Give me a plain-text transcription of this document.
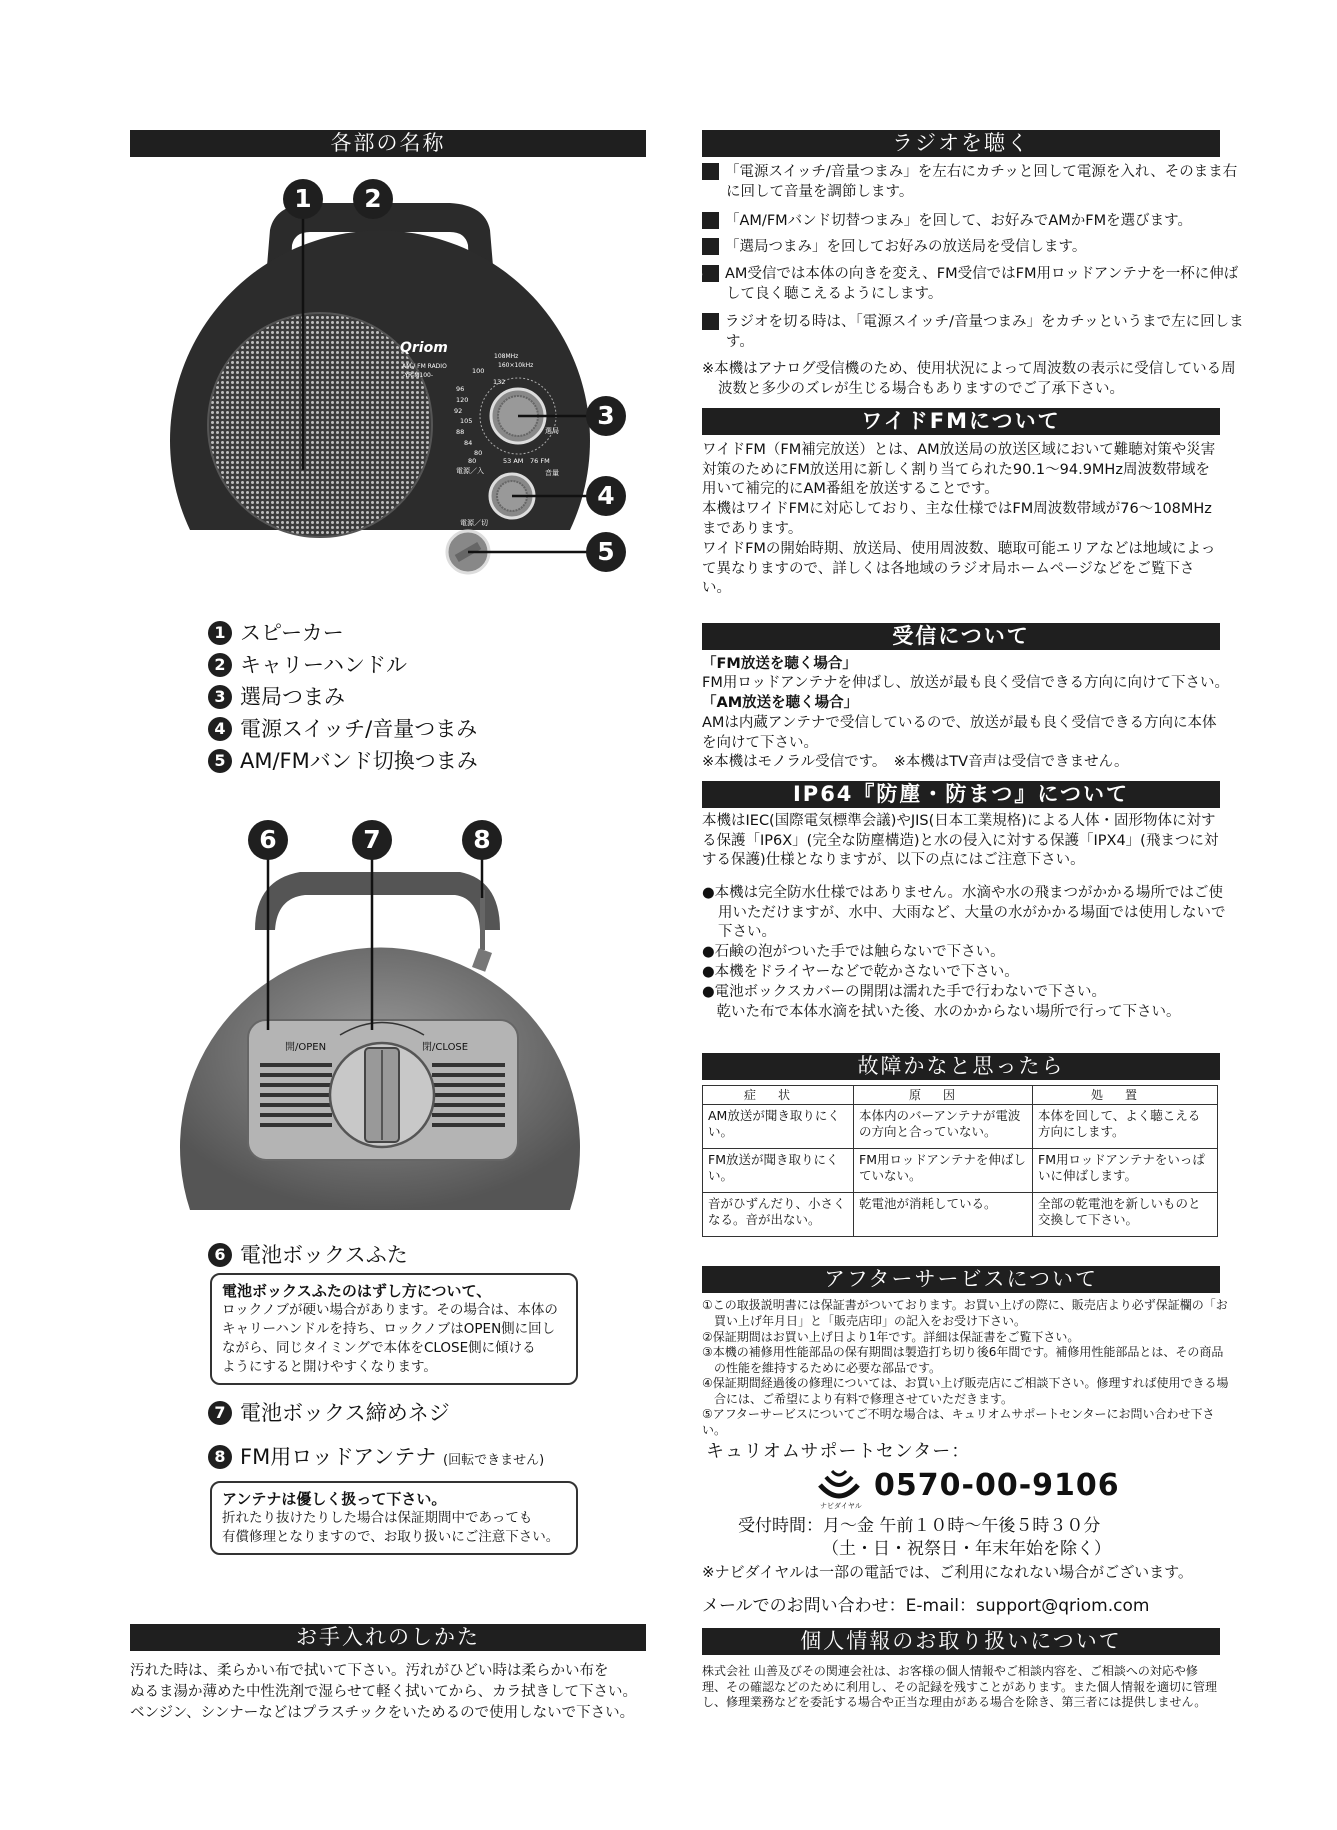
各部の名称
Qriom
AM / FM RADIO
-YR-M100-
108MHz
160×10kHz
100
132
96
120
92
105
88
84
80
80	53 AM 76 FM
選局
電源／入	音量
電源／切
AM・
FM・
バンド切換
1	2
3
4
5
1 スピーカー
2 キャリーハンドル
3 選局つまみ
4 電源スイッチ/音量つまみ
5 AM/FMバンド切換つまみ
開/OPEN	閉/CLOSE
6	7	8
6 電池ボックスふた
電池ボックスふたのはずし方について、
ロックノブが硬い場合があります。その場合は、本体の
キャリーハンドルを持ち、ロックノブはOPEN側に回し
ながら、同じタイミングで本体をCLOSE側に傾ける
ようにすると開けやすくなります。
7 電池ボックス締めネジ
8 FM用ロッドアンテナ (回転できません)
アンテナは優しく扱って下さい。
折れたり抜けたりした場合は保証期間中であっても
有償修理となりますので、お取り扱いにご注意下さい。
お手入れのしかた
汚れた時は、柔らかい布で拭いて下さい。汚れがひどい時は柔らかい布を
ぬるま湯か薄めた中性洗剤で湿らせて軽く拭いてから、カラ拭きして下さい。
ベンジン、シンナーなどはプラスチックをいためるので使用しないで下さい。
ラジオを聴く
1 「電源スイッチ/音量つまみ」を左右にカチッと回して電源を入れ、そのまま右に回して音量を調節します。
2 「AM/FMバンド切替つまみ」を回して、お好みでAMかFMを選びます。
3 「選局つまみ」を回してお好みの放送局を受信します。
4 AM受信では本体の向きを変え、FM受信ではFM用ロッドアンテナを一杯に伸ばして良く聴こえるようにします。
5 ラジオを切る時は、「電源スイッチ/音量つまみ」をカチッというまで左に回します。
※本機はアナログ受信機のため、使用状況によって周波数の表示に受信している周波数と多少のズレが生じる場合もありますのでご了承下さい。
ワイドFMについて
ワイドFM（FM補完放送）とは、AM放送局の放送区域において難聴対策や災害対策のためにFM放送用に新しく割り当てられた90.1〜94.9MHz周波数帯域を用いて補完的にAM番組を放送することです。
本機はワイドFMに対応しており、主な仕様ではFM周波数帯域が76〜108MHzまであります。
ワイドFMの開始時期、放送局、使用周波数、聴取可能エリアなどは地域によって異なりますので、詳しくは各地域のラジオ局ホームページなどをご覧下さい。
受信について
「FM放送を聴く場合」
FM用ロッドアンテナを伸ばし、放送が最も良く受信できる方向に向けて下さい。
「AM放送を聴く場合」
AMは内蔵アンテナで受信しているので、放送が最も良く受信できる方向に本体を向けて下さい。
※本機はモノラル受信です。　※本機はTV音声は受信できません。
IP64『防塵・防まつ』について
本機はIEC(国際電気標準会議)やJIS(日本工業規格)による人体・固形物体に対する保護「IP6X」(完全な防塵構造)と水の侵入に対する保護「IPX4」(飛まつに対する保護)仕様となりますが、以下の点にはご注意下さい。
●本機は完全防水仕様ではありません。水滴や水の飛まつがかかる場所ではご使用いただけますが、水中、大雨など、大量の水がかかる場面では使用しないで下さい。
●石鹸の泡がついた手では触らないで下さい。
●本機をドライヤーなどで乾かさないで下さい。
●電池ボックスカバーの開閉は濡れた手で行わないで下さい。
　乾いた布で本体水滴を拭いた後、水のかからない場所で行って下さい。
故障かなと思ったら
症状	原因	処置
AM放送が聞き取りにくい。	本体内のバーアンテナが電波の方向と合っていない。	本体を回して、よく聴こえる方向にします。
FM放送が聞き取りにくい。	FM用ロッドアンテナを伸ばしていない。	FM用ロッドアンテナをいっぱいに伸ばします。
音がひずんだり、小さくなる。音が出ない。	乾電池が消耗している。	全部の乾電池を新しいものと交換して下さい。
アフターサービスについて
①この取扱説明書には保証書がついております。お買い上げの際に、販売店より必ず保証欄の「お買い上げ年月日」と「販売店印」の記入をお受け下さい。
②保証期間はお買い上げ日より1年です。詳細は保証書をご覧下さい。
③本機の補修用性能部品の保有期間は製造打ち切り後6年間です。補修用性能部品とは、その商品の性能を維持するために必要な部品です。
④保証期間経過後の修理については、お買い上げ販売店にご相談下さい。修理すれば使用できる場合には、ご希望により有料で修理させていただきます。
⑤アフターサービスについてご不明な場合は、キュリオムサポートセンターにお問い合わせ下さい。
キュリオムサポートセンター：
ナビダイヤル
0570-00-9106
受付時間：月〜金 午前１０時〜午後５時３０分
（土・日・祝祭日・年末年始を除く）
※ナビダイヤルは一部の電話では、ご利用になれない場合がございます。
メールでのお問い合わせ：E-mail：support@qriom.com
個人情報のお取り扱いについて
株式会社 山善及びその関連会社は、お客様の個人情報やご相談内容を、ご相談への対応や修理、その確認などのために利用し、その記録を残すことがあります。また個人情報を適切に管理し、修理業務などを委託する場合や正当な理由がある場合を除き、第三者には提供しません。
